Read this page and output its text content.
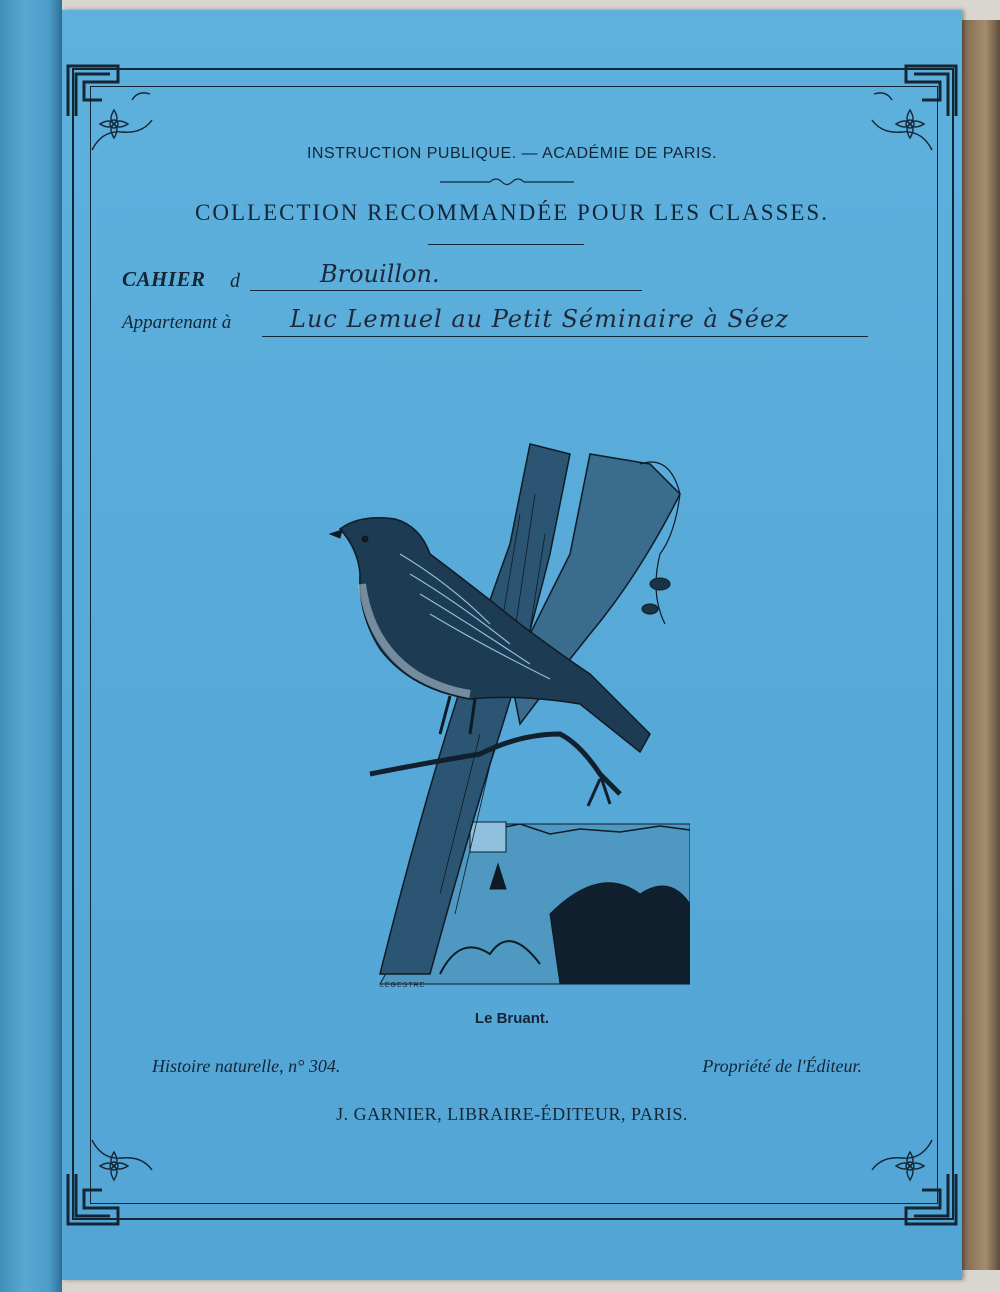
INSTRUCTION PUBLIQUE. — ACADÉMIE DE PARIS.
COLLECTION RECOMMANDÉE POUR LES CLASSES.
CAHIER d	Brouillon.
Appartenant à Luc Lemuel au Petit Séminaire à Séez
LEGESTRE
Le Bruant.
Histoire naturelle, n° 304.	Propriété de l'Éditeur.
J. GARNIER, LIBRAIRE-ÉDITEUR, PARIS.
